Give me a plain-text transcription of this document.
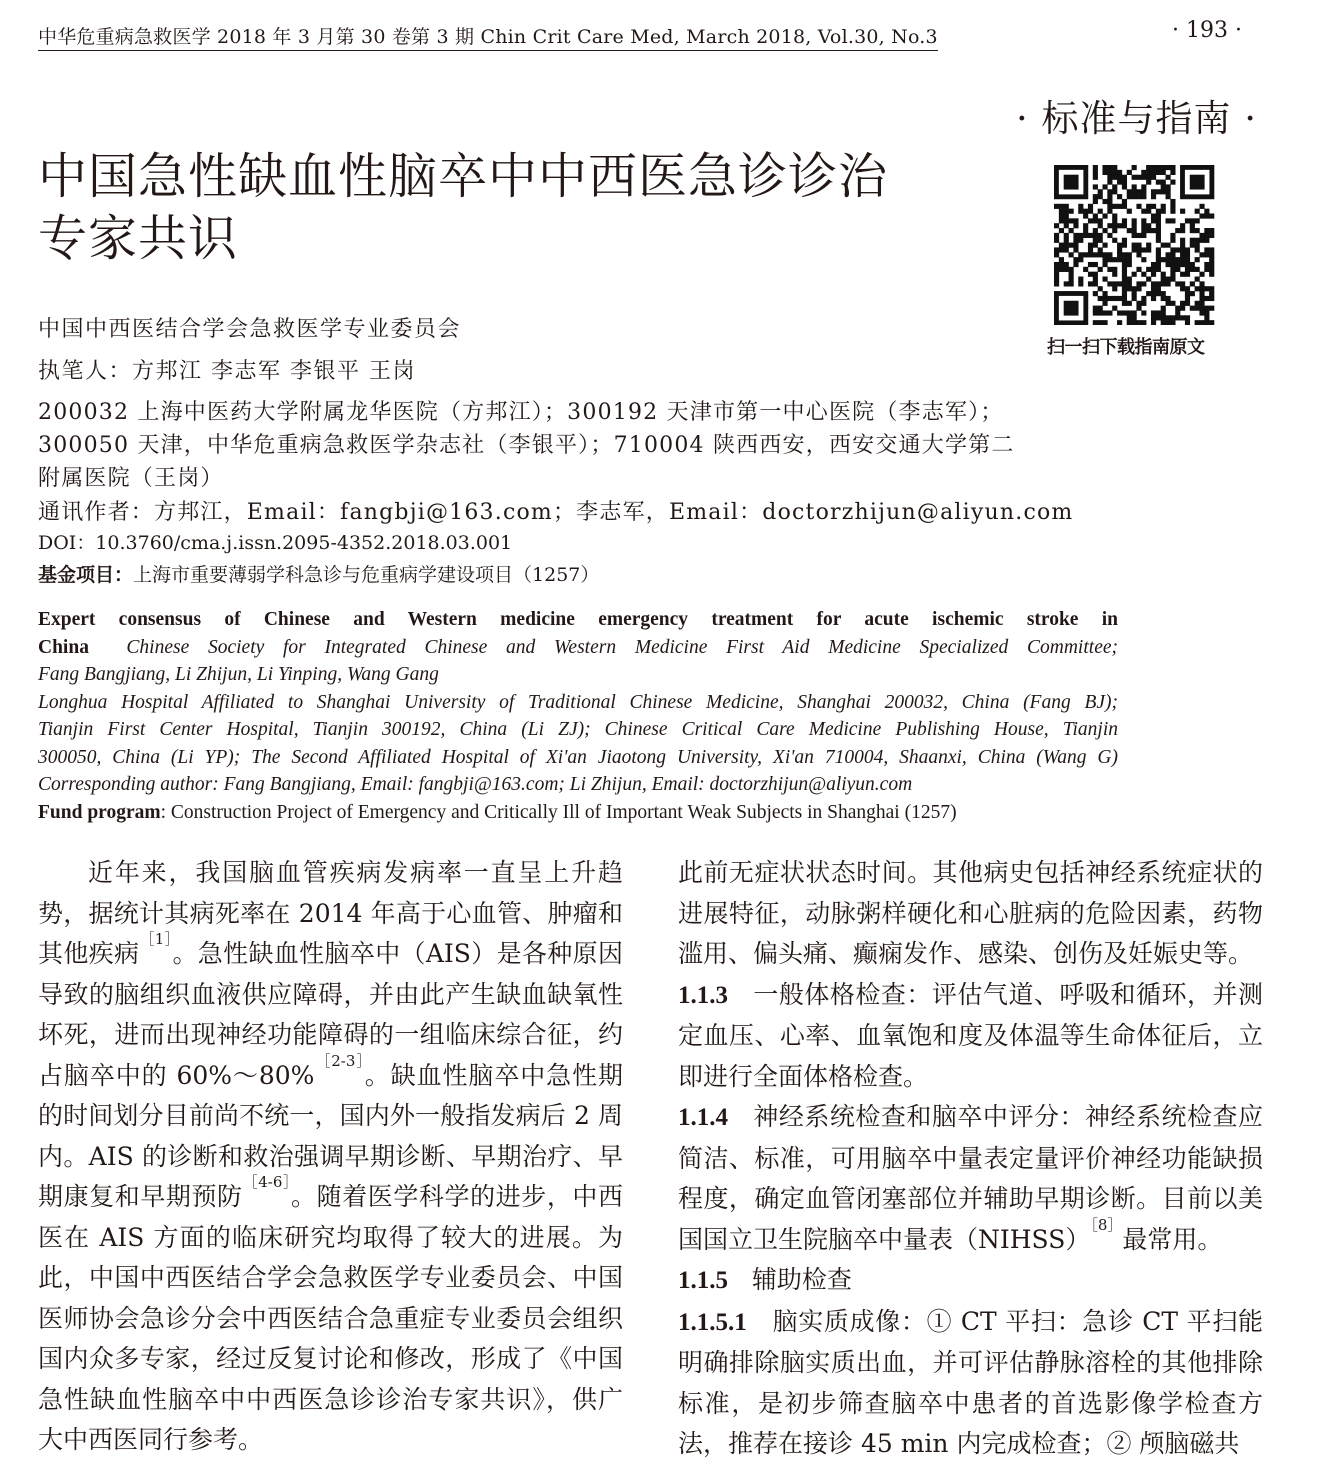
中华危重病急救医学 2018 年 3 月第 30 卷第 3 期 Chin Crit Care Med, March 2018, Vol.30, No.3	· 193 ·
· 标准与指南 ·
中国急性缺血性脑卒中中西医急诊诊治
专家共识
扫一扫下载指南原文
中国中西医结合学会急救医学专业委员会
执笔人：方邦江 李志军 李银平 王岗
200032 上海中医药大学附属龙华医院（方邦江）；300192 天津市第一中心医院（李志军）；
300050 天津，中华危重病急救医学杂志社（李银平）；710004 陕西西安，西安交通大学第二
附属医院（王岗）
通讯作者：方邦江，Email：fangbji@163.com；李志军，Email：doctorzhijun@aliyun.com
DOI：10.3760/cma.j.issn.2095-4352.2018.03.001
基金项目：上海市重要薄弱学科急诊与危重病学建设项目（1257）
Expert consensus of Chinese and Western medicine emergency treatment for acute ischemic stroke in
China Chinese Society for Integrated Chinese and Western Medicine First Aid Medicine Specialized Committee;
Fang Bangjiang, Li Zhijun, Li Yinping, Wang Gang
Longhua Hospital Affiliated to Shanghai University of Traditional Chinese Medicine, Shanghai 200032, China (Fang BJ);
Tianjin First Center Hospital, Tianjin 300192, China (Li ZJ); Chinese Critical Care Medicine Publishing House, Tianjin
300050, China (Li YP); The Second Affiliated Hospital of Xi'an Jiaotong University, Xi'an 710004, Shaanxi, China (Wang G)
Corresponding author: Fang Bangjiang, Email: fangbji@163.com; Li Zhijun, Email: doctorzhijun@aliyun.com
Fund program: Construction Project of Emergency and Critically Ill of Important Weak Subjects in Shanghai (1257)

近年来，我国脑血管疾病发病率一直呈上升趋势，据统计其病死率在 2014 年高于心血管、肿瘤和其他疾病$^{[1]}$。急性缺血性脑卒中（AIS）是各种原因导致的脑组织血液供应障碍，并由此产生缺血缺氧性坏死，进而出现神经功能障碍的一组临床综合征，约占脑卒中的 60%～80%$^{[2-3]}$。缺血性脑卒中急性期的时间划分目前尚不统一，国内外一般指发病后 2 周内。AIS 的诊断和救治强调早期诊断、早期治疗、早期康复和早期预防$^{[4-6]}$。随着医学科学的进步，中西医在 AIS 方面的临床研究均取得了较大的进展。为此，中国中西医结合学会急救医学专业委员会、中国医师协会急诊分会中西医结合急重症专业委员会组织国内众多专家，经过反复讨论和修改，形成了《中国急性缺血性脑卒中中西医急诊诊治专家共识》，供广大中西医同行参考。

此前无症状状态时间。其他病史包括神经系统症状的进展特征，动脉粥样硬化和心脏病的危险因素，药物滥用、偏头痛、癫痫发作、感染、创伤及妊娠史等。

1.1.3 一般体格检查：评估气道、呼吸和循环，并测定血压、心率、血氧饱和度及体温等生命体征后，立即进行全面体格检查。

1.1.4 神经系统检查和脑卒中评分：神经系统检查应简洁、标准，可用脑卒中量表定量评价神经功能缺损程度，确定血管闭塞部位并辅助早期诊断。目前以美国国立卫生院脑卒中量表（NIHSS）$^{[8]}$最常用。

1.1.5 辅助检查

1.1.5.1 脑实质成像：① CT 平扫：急诊 CT 平扫能明确排除脑实质出血，并可评估静脉溶栓的其他排除标准，是初步筛查脑卒中患者的首选影像学检查方法，推荐在接诊 45 min 内完成检查；② 颅脑磁共
